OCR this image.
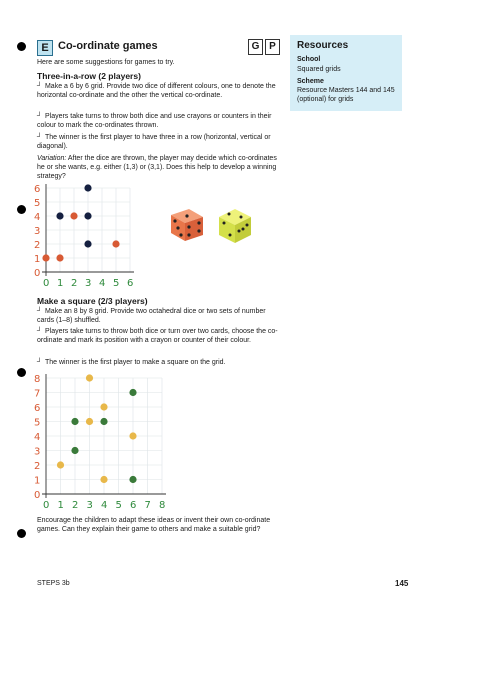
E Co-ordinate games	G P
Here are some suggestions for games to try.
Three-in-a-row (2 players)
┘ Make a 6 by 6 grid. Provide two dice of different colours, one to denote the horizontal co-ordinate and the other the vertical co-ordinate.
┘ Players take turns to throw both dice and use crayons or counters in their colour to mark the co-ordinates thrown.
┘ The winner is the first player to have three in a row (horizontal, vertical or diagonal).
Variation: After the dice are thrown, the player may decide which co-ordinates he or she wants, e.g. either (1,3) or (3,1). Does this help to develop a winning strategy?
0
1
2
3
4
5
6
0 1 2 3 4 5 6
Make a square (2/3 players)
┘ Make an 8 by 8 grid. Provide two octahedral dice or two sets of number cards (1–8) shuffled.
┘ Players take turns to throw both dice or turn over two cards, choose the co-ordinate and mark its position with a crayon or counter of their colour.
┘ The winner is the first player to make a square on the grid.
0
1
2
3
4
5
6
7
8
0 1 2 3 4 5 6 7 8
Encourage the children to adapt these ideas or invent their own co-ordinate games. Can they explain their game to others and make a suitable grid?
Resources
School
Squared grids
Scheme
Resource Masters 144 and 145 (optional) for grids
STEPS 3b	145
